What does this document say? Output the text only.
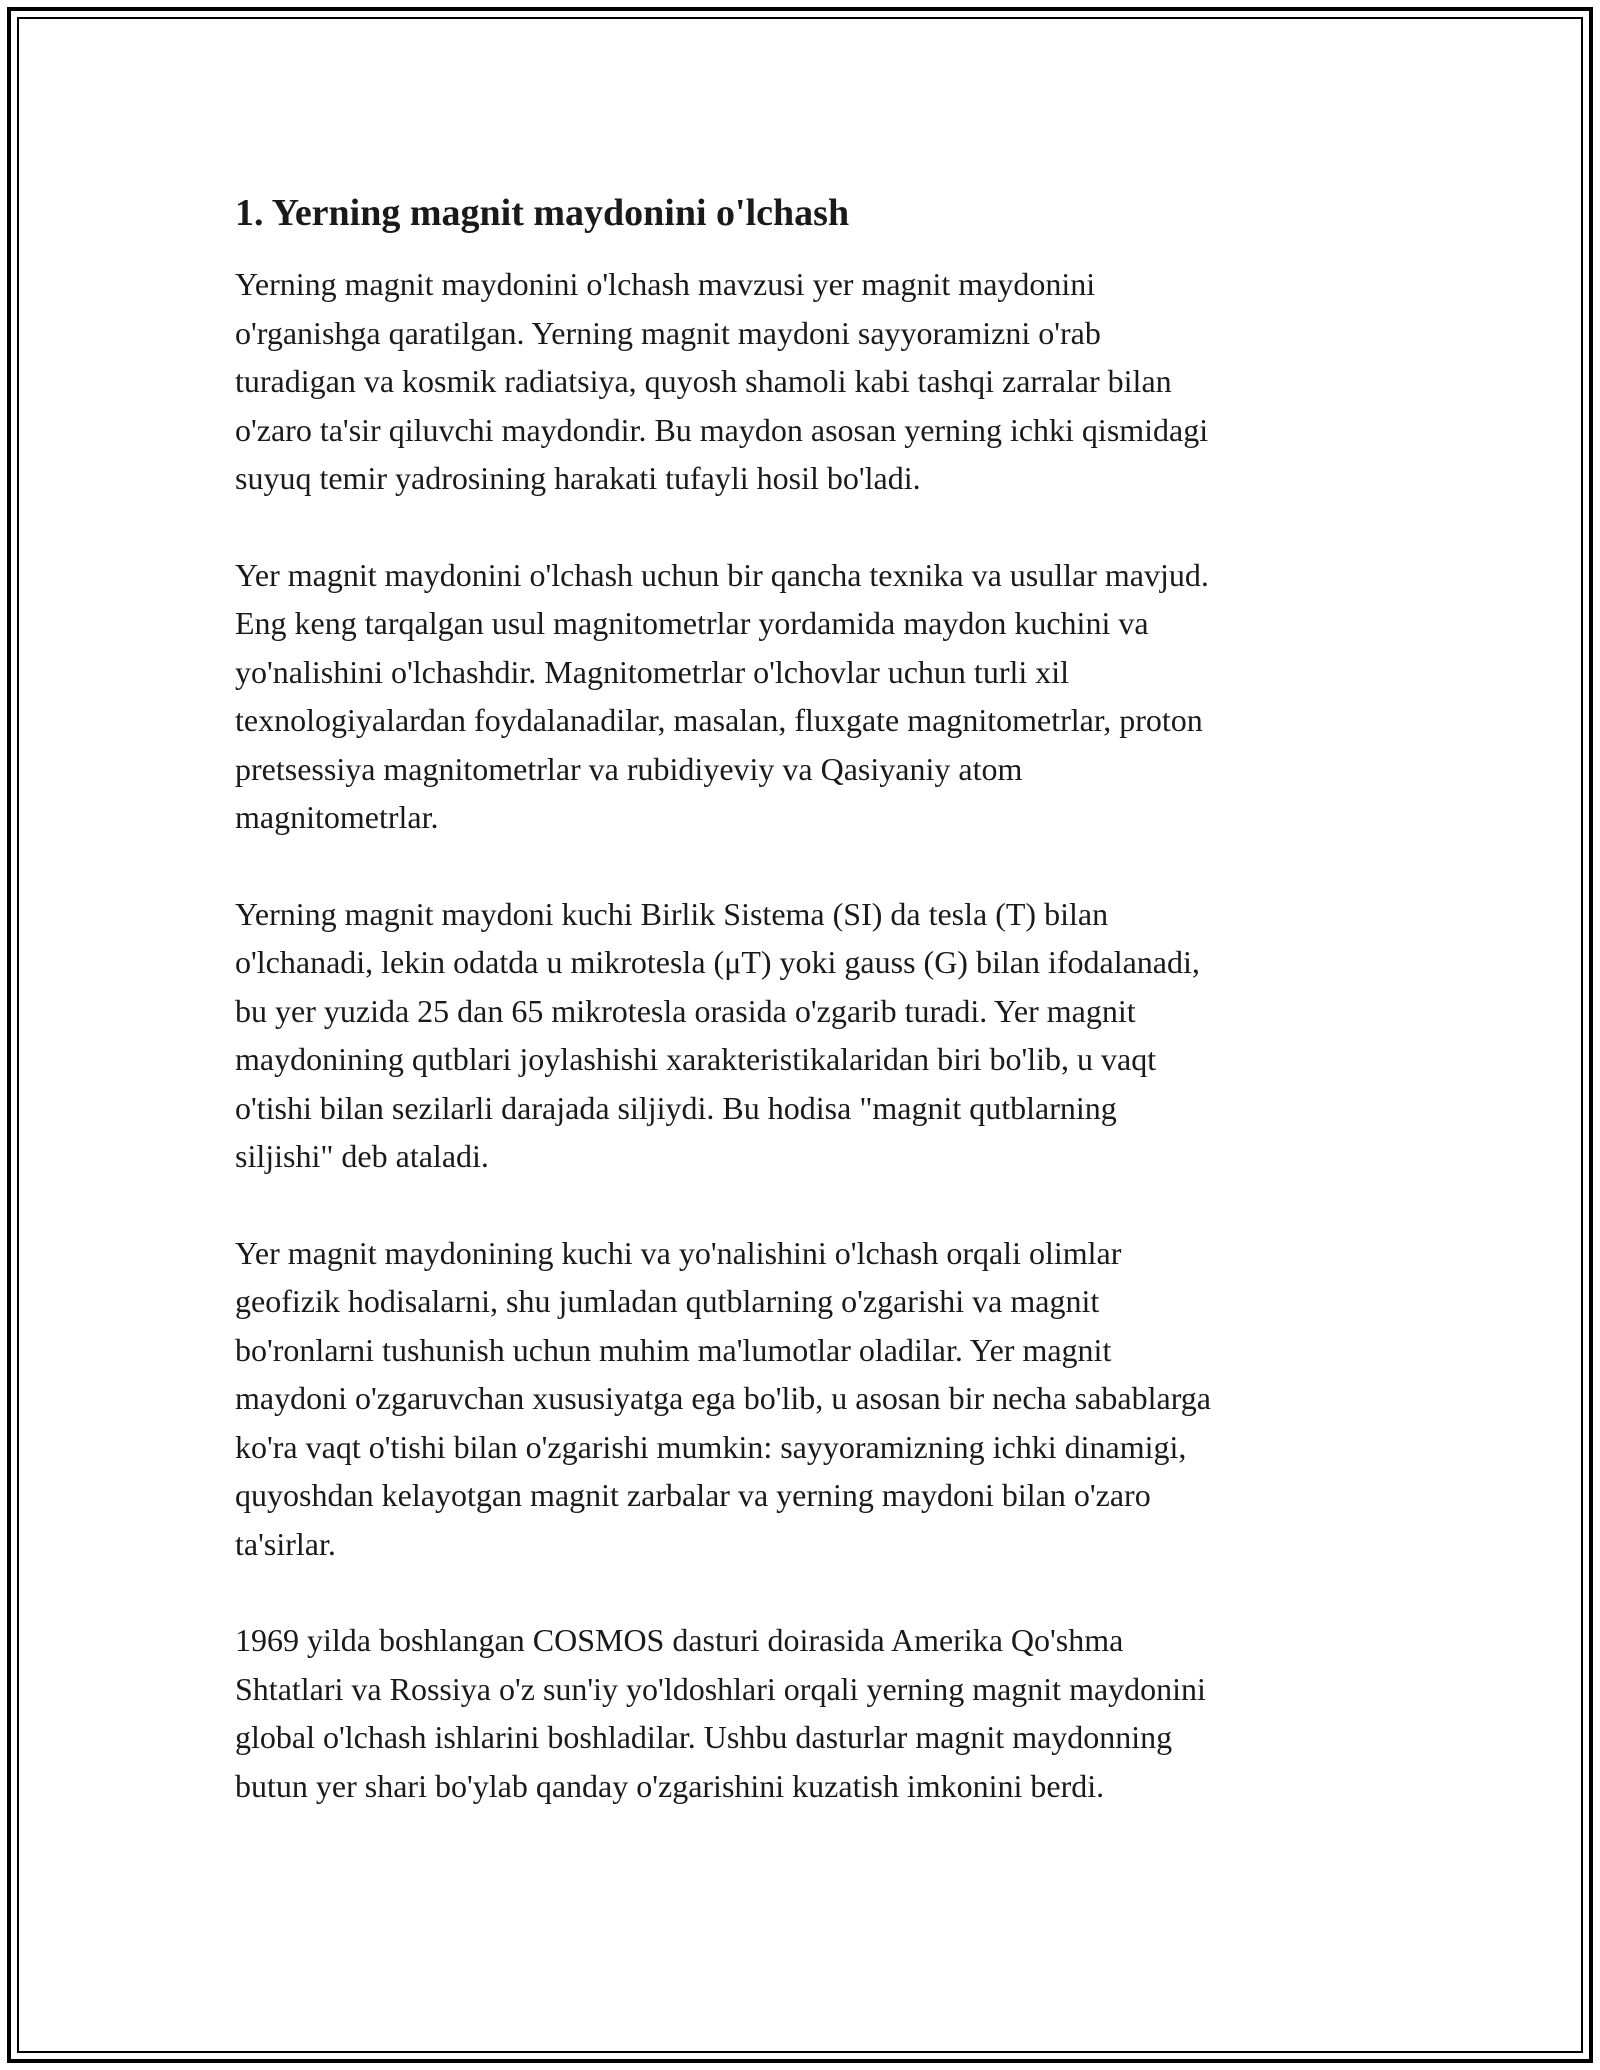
1. Yerning magnit maydonini o'lchash

Yerning magnit maydonini o'lchash mavzusi yer magnit maydonini
o'rganishga qaratilgan. Yerning magnit maydoni sayyoramizni o'rab
turadigan va kosmik radiatsiya, quyosh shamoli kabi tashqi zarralar bilan
o'zaro ta'sir qiluvchi maydondir. Bu maydon asosan yerning ichki qismidagi
suyuq temir yadrosining harakati tufayli hosil bo'ladi.

Yer magnit maydonini o'lchash uchun bir qancha texnika va usullar mavjud.
Eng keng tarqalgan usul magnitometrlar yordamida maydon kuchini va
yo'nalishini o'lchashdir. Magnitometrlar o'lchovlar uchun turli xil
texnologiyalardan foydalanadilar, masalan, fluxgate magnitometrlar, proton
pretsessiya magnitometrlar va rubidiyeviy va Qasiyaniy atom
magnitometrlar.

Yerning magnit maydoni kuchi Birlik Sistema (SI) da tesla (T) bilan
o'lchanadi, lekin odatda u mikrotesla (μT) yoki gauss (G) bilan ifodalanadi,
bu yer yuzida 25 dan 65 mikrotesla orasida o'zgarib turadi. Yer magnit
maydonining qutblari joylashishi xarakteristikalaridan biri bo'lib, u vaqt
o'tishi bilan sezilarli darajada siljiydi. Bu hodisa "magnit qutblarning
siljishi" deb ataladi.

Yer magnit maydonining kuchi va yo'nalishini o'lchash orqali olimlar
geofizik hodisalarni, shu jumladan qutblarning o'zgarishi va magnit
bo'ronlarni tushunish uchun muhim ma'lumotlar oladilar. Yer magnit
maydoni o'zgaruvchan xususiyatga ega bo'lib, u asosan bir necha sabablarga
ko'ra vaqt o'tishi bilan o'zgarishi mumkin: sayyoramizning ichki dinamigi,
quyoshdan kelayotgan magnit zarbalar va yerning maydoni bilan o'zaro
ta'sirlar.

1969 yilda boshlangan COSMOS dasturi doirasida Amerika Qo'shma
Shtatlari va Rossiya o'z sun'iy yo'ldoshlari orqali yerning magnit maydonini
global o'lchash ishlarini boshladilar. Ushbu dasturlar magnit maydonning
butun yer shari bo'ylab qanday o'zgarishini kuzatish imkonini berdi.
